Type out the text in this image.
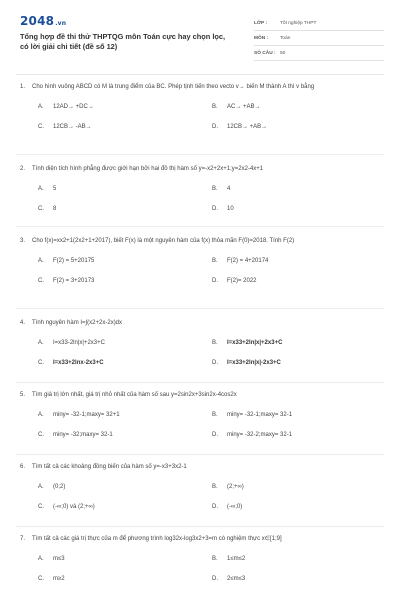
2048.vn
Tổng hợp đề thi thử THPTQG môn Toán cực hay chọn lọc,
có lời giải chi tiết (đề số 12)
LỚP :	Tốt nghiệp THPT
MÔN :	Toán
SỐ CÂU : 50
1.	Cho hình vuông ABCD có M là trung điểm của BC. Phép tịnh tiến theo vecto v→ biến M thành A thì v bằng
A.	12AD→ +DC→	B.	AC→ +AB→
C.	12CB→ -AB→	D.	12CB→ +AB→
2.	Tính diện tích hình phẳng được giới hạn bởi hai đồ thị hàm số y=-x2+2x+1;y=2x2-4x+1
A.	5	B.	4
C.	8	D.	10
3.	Cho f(x)=xx2+1(2x2+1+2017), biết F(x) là một nguyên hàm của f(x) thỏa mãn F(0)=2018. Tính F(2)
A.	F(2) = 5+20175	B.	F(2) = 4+20174
C.	F(2) = 3+20173	D.	F(2)= 2022
4.	Tính nguyên hàm I=∫(x2+2x-2x)dx
A.	I=x33-2ln|x|+2x3+C	B.	I=x33+2ln|x|+2x3+C
C.	I=x33+2lnx-2x3+C	D.	I=x33+2ln|x|-2x3+C
5.	Tìm giá trị lớn nhất, giá trị nhỏ nhất của hàm số sau y=2sin2x+3sin2x-4cos2x
A.	miny= -32-1;maxy= 32+1	B.	miny= -32-1;maxy= 32-1
C.	miny= -32;maxy= 32-1	D.	miny= -32-2;maxy= 32-1
6.	Tìm tất cả các khoảng đồng biến của hàm số y=-x3+3x2-1
A.	(0;2)	B.	(2;+∞)
C.	(-∞;0) và (2;+∞)	D.	(-∞;0)
7.	Tìm tất cả các giá trị thực của m để phương trình log32x-log3x2+3=m có nghiệm thực x∈[1;9]
A.	m≤3	B.	1≤m≤2
C.	m≥2	D.	2≤m≤3
